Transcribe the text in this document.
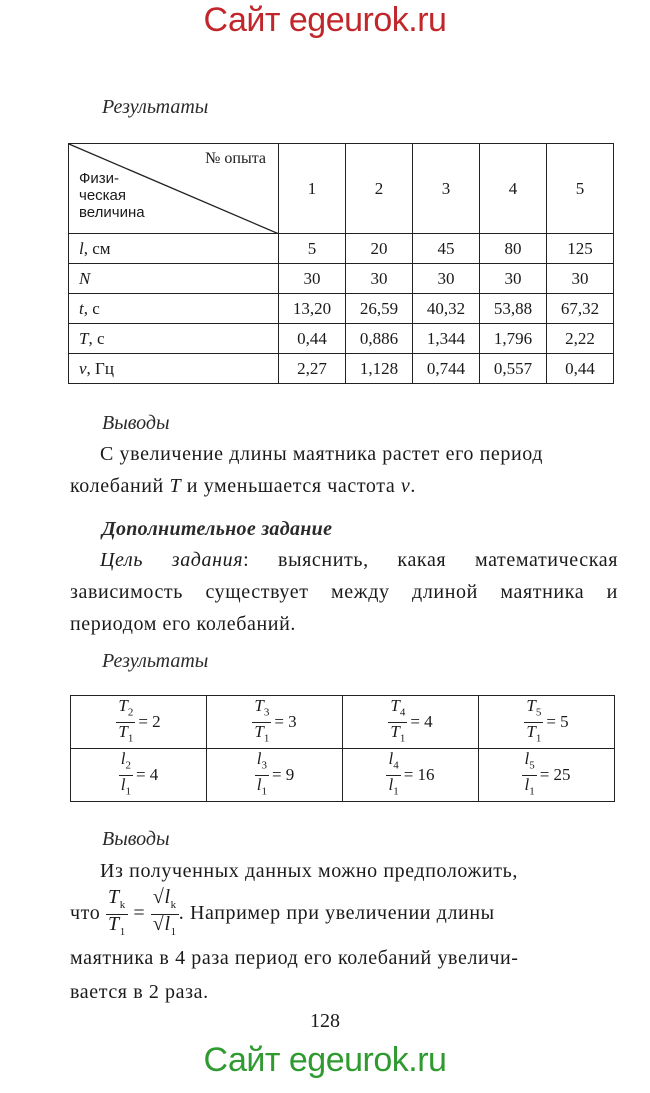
Сайт egeurok.ru
Результаты
№ опыта
Физи-
ческая
величина	1	2	3	4	5
l, см	5	20	45	80	125
N	30	30	30	30	30
t, с	13,20	26,59	40,32	53,88	67,32
T, с	0,44	0,886	1,344	1,796	2,22
ν, Гц	2,27	1,128	0,744	0,557	0,44
Выводы
С увеличение длины маятника растет его период
колебаний T и уменьшается частота ν.
Дополнительное задание
Цель задания: выяснить, какая математическая зависимость существует между длиной маятника и периодом его колебаний.
Результаты
$\frac{T_2}{T_1} = 2$	$\frac{T_3}{T_1} = 3$	$\frac{T_4}{T_1} = 4$	$\frac{T_5}{T_1} = 5$

$\frac{l_2}{l_1} = 4$	$\frac{l_3}{l_1} = 9$	$\frac{l_4}{l_1} = 16$	$\frac{l_5}{l_1} = 25$
Выводы
Из полученных данных можно предположить,
что $\frac{T_k}{T_1} = \frac{√l_k}{√l_1}$ . Например при увеличении длины
маятника в 4 раза период его колебаний увеличи-
вается в 2 раза.
128
Сайт egeurok.ru
